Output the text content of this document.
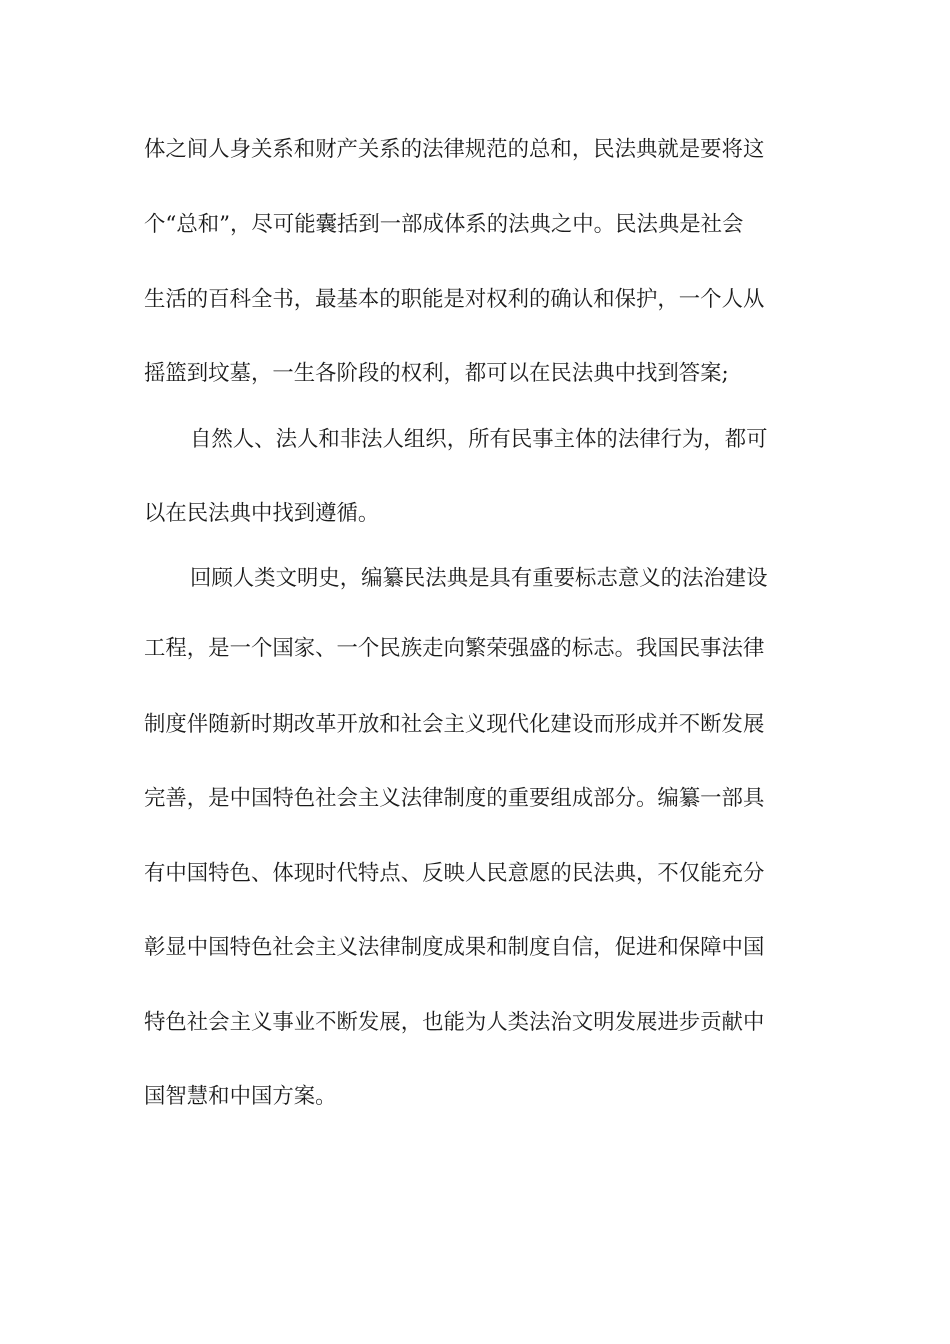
体之间人身关系和财产关系的法律规范的总和，民法典就是要将这
个“总和”，尽可能囊括到一部成体系的法典之中。民法典是社会
生活的百科全书，最基本的职能是对权利的确认和保护，一个人从
摇篮到坟墓，一生各阶段的权利，都可以在民法典中找到答案;
自然人、法人和非法人组织，所有民事主体的法律行为，都可
以在民法典中找到遵循。
回顾人类文明史，编纂民法典是具有重要标志意义的法治建设
工程，是一个国家、一个民族走向繁荣强盛的标志。我国民事法律
制度伴随新时期改革开放和社会主义现代化建设而形成并不断发展
完善，是中国特色社会主义法律制度的重要组成部分。编纂一部具
有中国特色、体现时代特点、反映人民意愿的民法典，不仅能充分
彰显中国特色社会主义法律制度成果和制度自信，促进和保障中国
特色社会主义事业不断发展，也能为人类法治文明发展进步贡献中
国智慧和中国方案。
